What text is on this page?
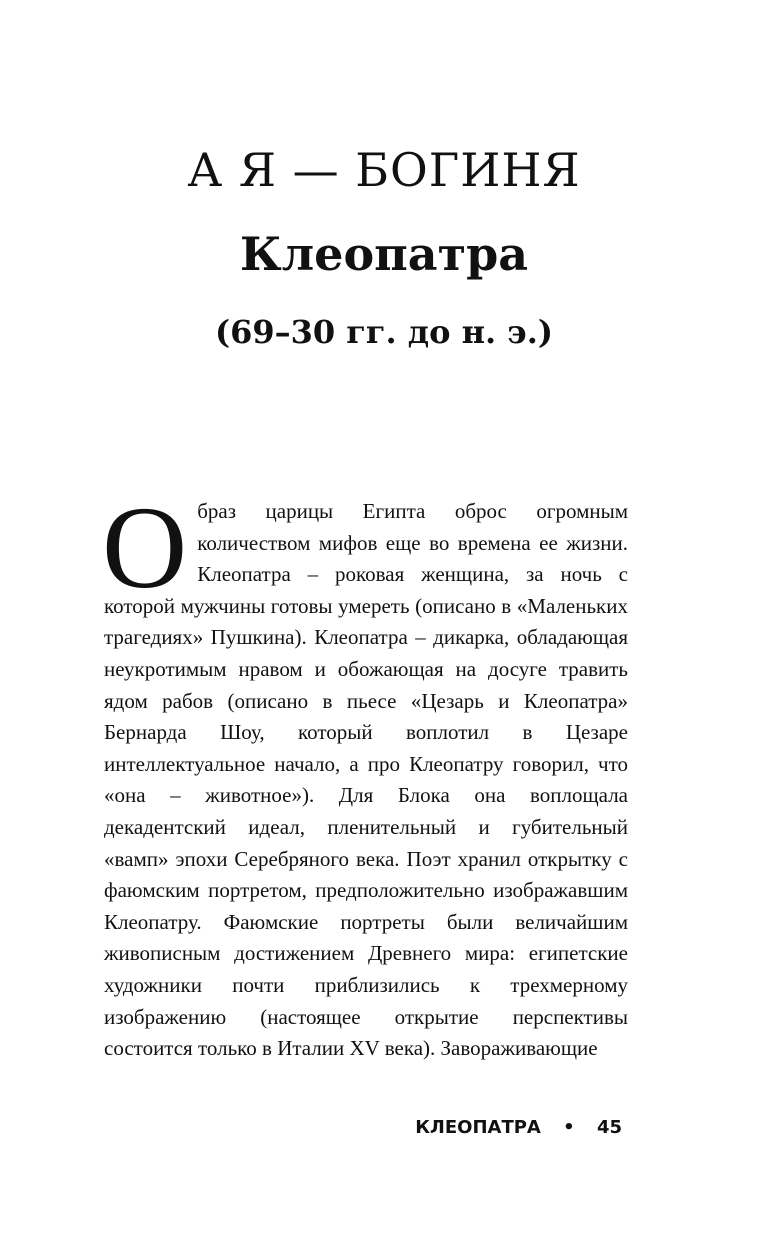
А Я — БОГИНЯ
Клеопатра
(69–30 гг. до н. э.)
О браз царицы Египта оброс огромным количеством мифов еще во времена ее жизни. Клеопатра – роковая женщина, за ночь с которой мужчины готовы умереть (описано в «Маленьких трагедиях» Пушкина). Клеопатра – дикарка, обладающая неукротимым нравом и обожающая на досуге травить ядом рабов (описано в пьесе «Цезарь и Клеопатра» Бернарда Шоу, который воплотил в Цезаре интеллектуальное начало, а про Клеопатру говорил, что «она – животное»). Для Блока она воплощала декадентский идеал, пленительный и губительный «вамп» эпохи Серебряного века. Поэт хранил открытку с фаюмским портретом, предположительно изображавшим Клеопатру. Фаюмские портреты были величайшим живописным достижением Древнего мира: египетские художники почти приблизились к трехмерному изображению (настоящее открытие перспективы состоится только в Италии XV века). Завораживающие
КЛЕОПАТРА • 45
